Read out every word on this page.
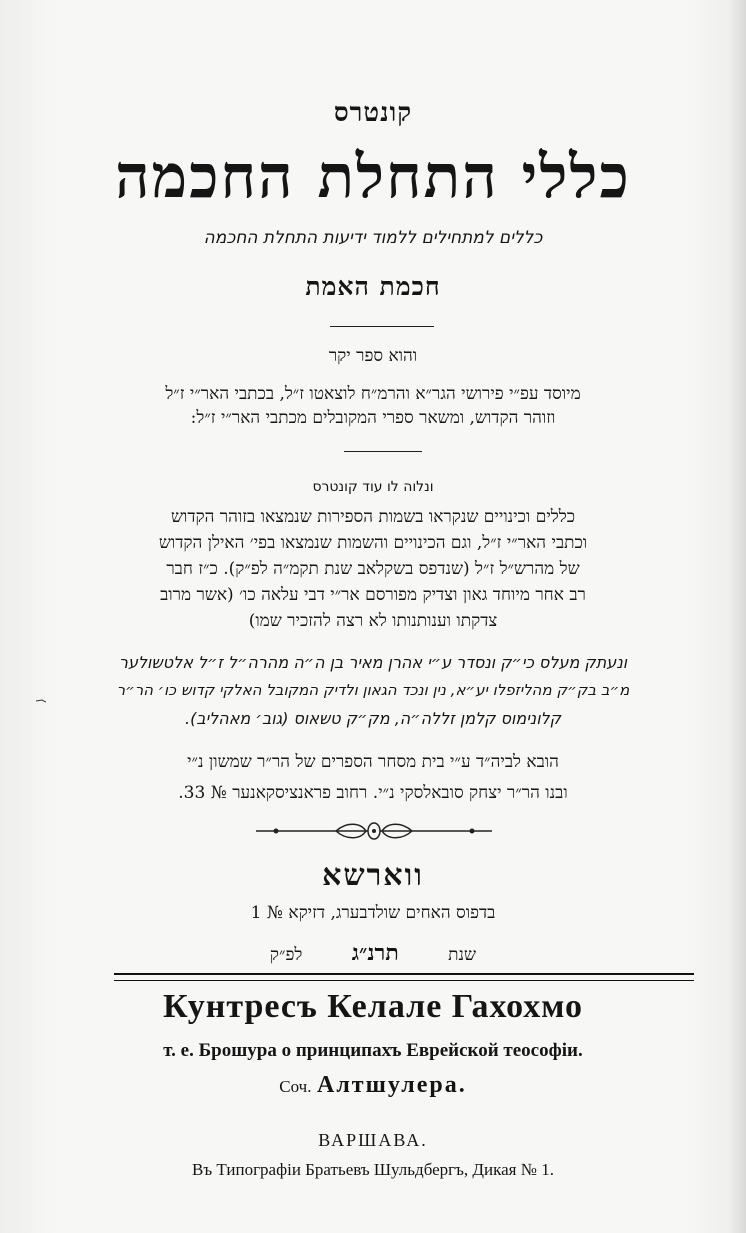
קונטרס
כללי התחלת החכמה
כללים למתחילים ללמוד ידיעות התחלת החכמה
חכמת האמת
והוא ספר יקר
מיוסד עפ״י פירושי הגר״א והרמ״ח לוצאטו ז״ל, בכתבי האר״י ז״ל
וזוהר הקדוש, ומשאר ספרי המקובלים מכתבי האר״י ז״ל:
ונלוה לו עוד קונטרס
כללים וכינויים שנקראו בשמות הספירות שנמצאו בזוהר הקדוש
וכתבי האר״י ז״ל, וגם הכינויים והשמות שנמצאו בפי׳ האילן הקדוש
של מהרש״ל ז״ל (שנדפס בשקלאב שנת תקמ״ה לפ״ק). כ״ז חבר
רב אחר מיוחד גאון וצדיק מפורסם אר״י דבי עלאה כו׳ (אשר מרוב
צדקתו וענותנותו לא רצה להזכיר שמו)
ונעתק מעלס כי״ק ונסדר ע״י אהרן מאיר בן ה״ה מהרה״ל ז״ל אלטשולער
מ״ב בק״ק מהליזפלו יע״א, נין ונכד הגאון ולדיק המקובל האלקי קדוש כו׳ הר״ר
קלונימוס קלמן זללה״ה, מק״ק טשאוס (גוב׳ מאהליב).
הובא לביה״ד ע״י בית מסחר הספרים של הר״ר שמשון נ״י
ובנו הר״ר יצחק סובאלסקי נ״י. רחוב פראנציסקאנער № 33.
ווארשא
בדפוס האחים שולדבערג, דזיקא № 1
שנת תרנ״ג לפ״ק
Кунтресъ Келале Гахохмо
т. е. Брошура о принципахъ Еврейской теософіи.
Соч. Алтшулера.
ВАРШАВА.
Въ Типографіи Братьевъ Шульдбергъ, Дикая № 1.
